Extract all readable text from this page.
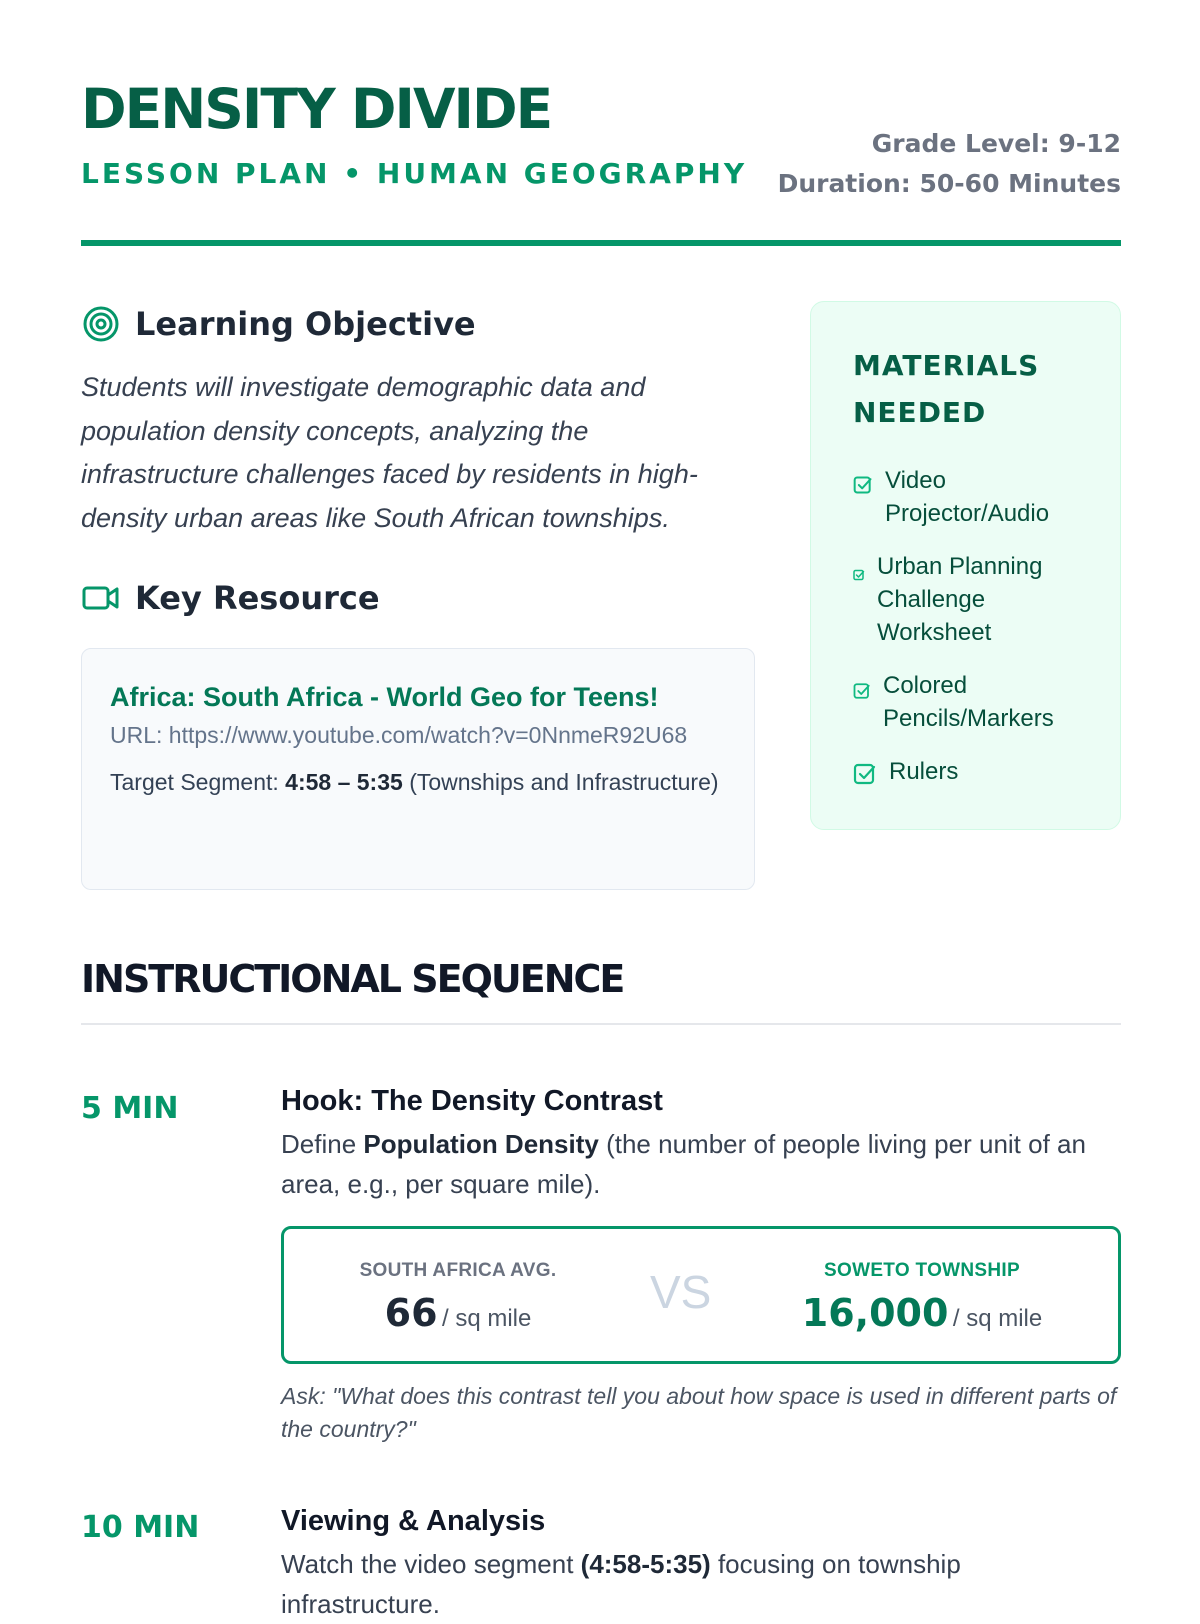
DENSITY DIVIDE
LESSON PLAN • HUMAN GEOGRAPHY
Grade Level: 9-12
Duration: 50-60 Minutes
Learning Objective

Students will investigate demographic data and population density concepts, analyzing the infrastructure challenges faced by residents in high-density urban areas like South African townships.

Key Resource
Africa: South Africa - World Geo for Teens!
URL: https://www.youtube.com/watch?v=0NnmeR92U68
Target Segment: 4:58 – 5:35 (Townships and Infrastructure)
MATERIALS NEEDED
Video Projector/Audio
Urban Planning Challenge Worksheet
Colored Pencils/Markers
Rulers
INSTRUCTIONAL SEQUENCE
5 MIN	Hook: The Density Contrast
Define Population Density (the number of people living per unit of an area, e.g., per square mile).
SOUTH AFRICA AVG.
66 / sq mile
VS	SOWETO TOWNSHIP
16,000 / sq mile
Ask: "What does this contrast tell you about how space is used in different parts of the country?"
10 MIN	Viewing & Analysis
Watch the video segment (4:58-5:35) focusing on township infrastructure.
